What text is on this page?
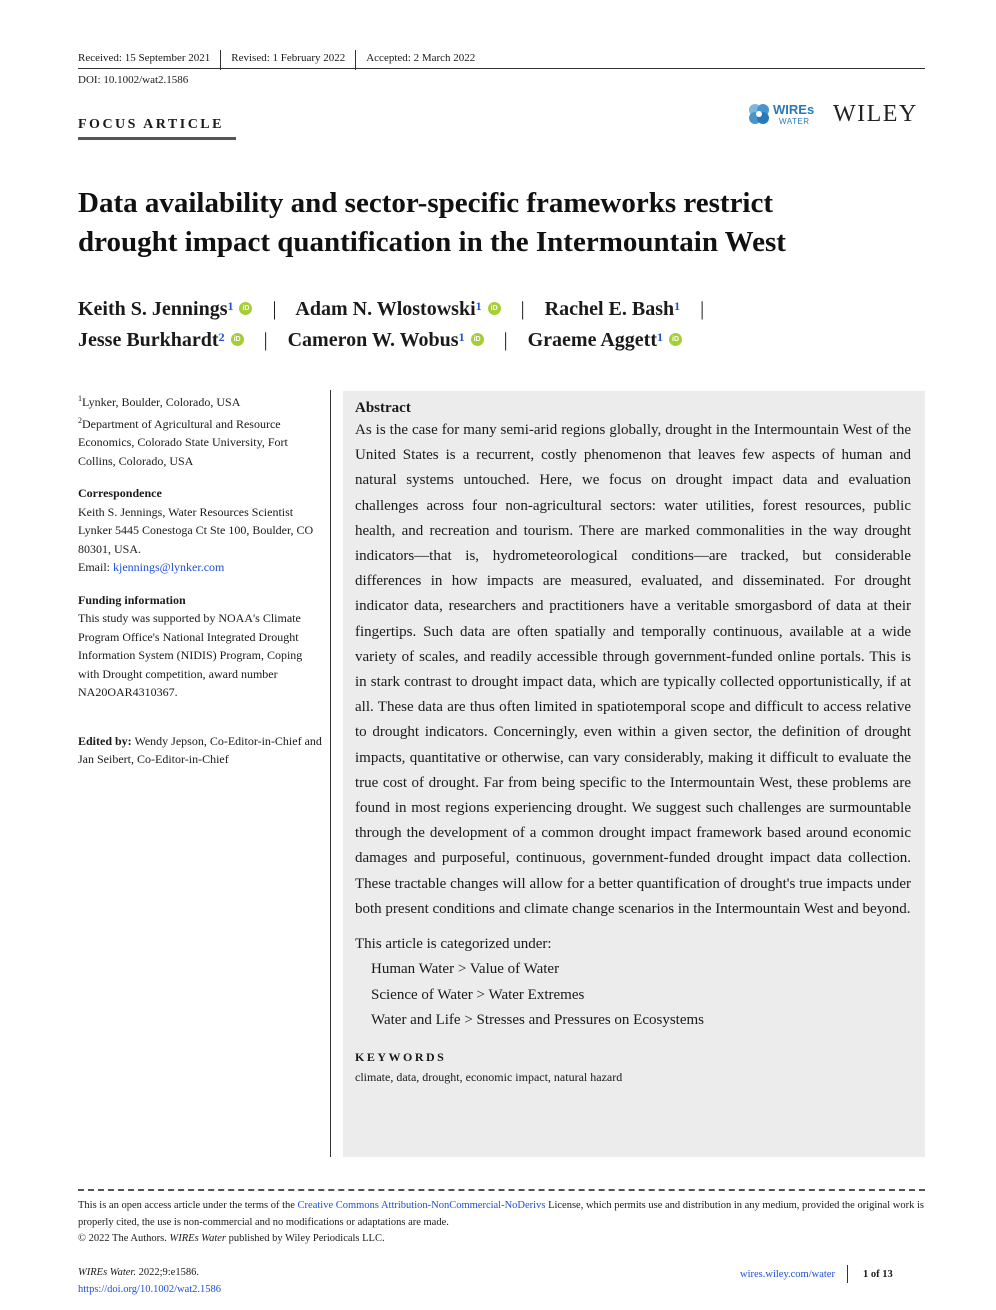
Received: 15 September 2021 Revised: 1 February 2022 Accepted: 2 March 2022
DOI: 10.1002/wat2.1586
FOCUS ARTICLE
WIREs
WATER WILEY
Data availability and sector-specific frameworks restrict
drought impact quantification in the Intermountain West
Keith S. Jennings$^1$ iD | Adam N. Wlostowski$^1$ iD | Rachel E. Bash$^1$ |
Jesse Burkhardt$^2$ iD | Cameron W. Wobus$^1$ iD | Graeme Aggett$^1$ iD

$^1$Lynker, Boulder, Colorado, USA

$^2$Department of Agricultural and Resource Economics, Colorado State University, Fort Collins, Colorado, USA

Correspondence

Keith S. Jennings, Water Resources Scientist Lynker 5445 Conestoga Ct Ste 100, Boulder, CO 80301, USA.

Email: kjennings@lynker.com

Funding information

This study was supported by NOAA's Climate Program Office's National Integrated Drought Information System (NIDIS) Program, Coping with Drought competition, award number NA20OAR4310367.

Edited by: Wendy Jepson, Co-Editor-in-Chief and Jan Seibert, Co-Editor-in-Chief

Abstract
As is the case for many semi-arid regions globally, drought in the Intermountain West of the United States is a recurrent, costly phenomenon that leaves few aspects of human and natural systems untouched. Here, we focus on drought impact data and evaluation challenges across four non-agricultural sectors: water utilities, forest resources, public health, and recreation and tourism. There are marked commonalities in the way drought indicators—that is, hydrometeorological conditions—are tracked, but considerable differences in how impacts are measured, evaluated, and disseminated. For drought indicator data, researchers and practitioners have a veritable smorgasbord of data at their fingertips. Such data are often spatially and temporally continuous, available at a wide variety of scales, and readily accessible through government-funded online portals. This is in stark contrast to drought impact data, which are typically collected opportunistically, if at all. These data are thus often limited in spatiotemporal scope and difficult to access relative to drought indicators. Concerningly, even within a given sector, the definition of drought impacts, quantitative or otherwise, can vary considerably, making it difficult to evaluate the true cost of drought. Far from being specific to the Intermountain West, these problems are found in most regions experiencing drought. We suggest such challenges are surmountable through the development of a common drought impact framework based around economic damages and purposeful, continuous, government-funded drought impact data collection. These tractable changes will allow for a better quantification of drought's true impacts under both present conditions and climate change scenarios in the Intermountain West and beyond.
This article is categorized under:
Human Water > Value of Water
Science of Water > Water Extremes
Water and Life > Stresses and Pressures on Ecosystems
KEYWORDS
climate, data, drought, economic impact, natural hazard
This is an open access article under the terms of the Creative Commons Attribution-NonCommercial-NoDerivs License, which permits use and distribution in any medium, provided the original work is properly cited, the use is non-commercial and no modifications or adaptations are made.
© 2022 The Authors. WIREs Water published by Wiley Periodicals LLC.
WIREs Water. 2022;9:e1586.
https://doi.org/10.1002/wat2.1586
wires.wiley.com/water	1 of 13
